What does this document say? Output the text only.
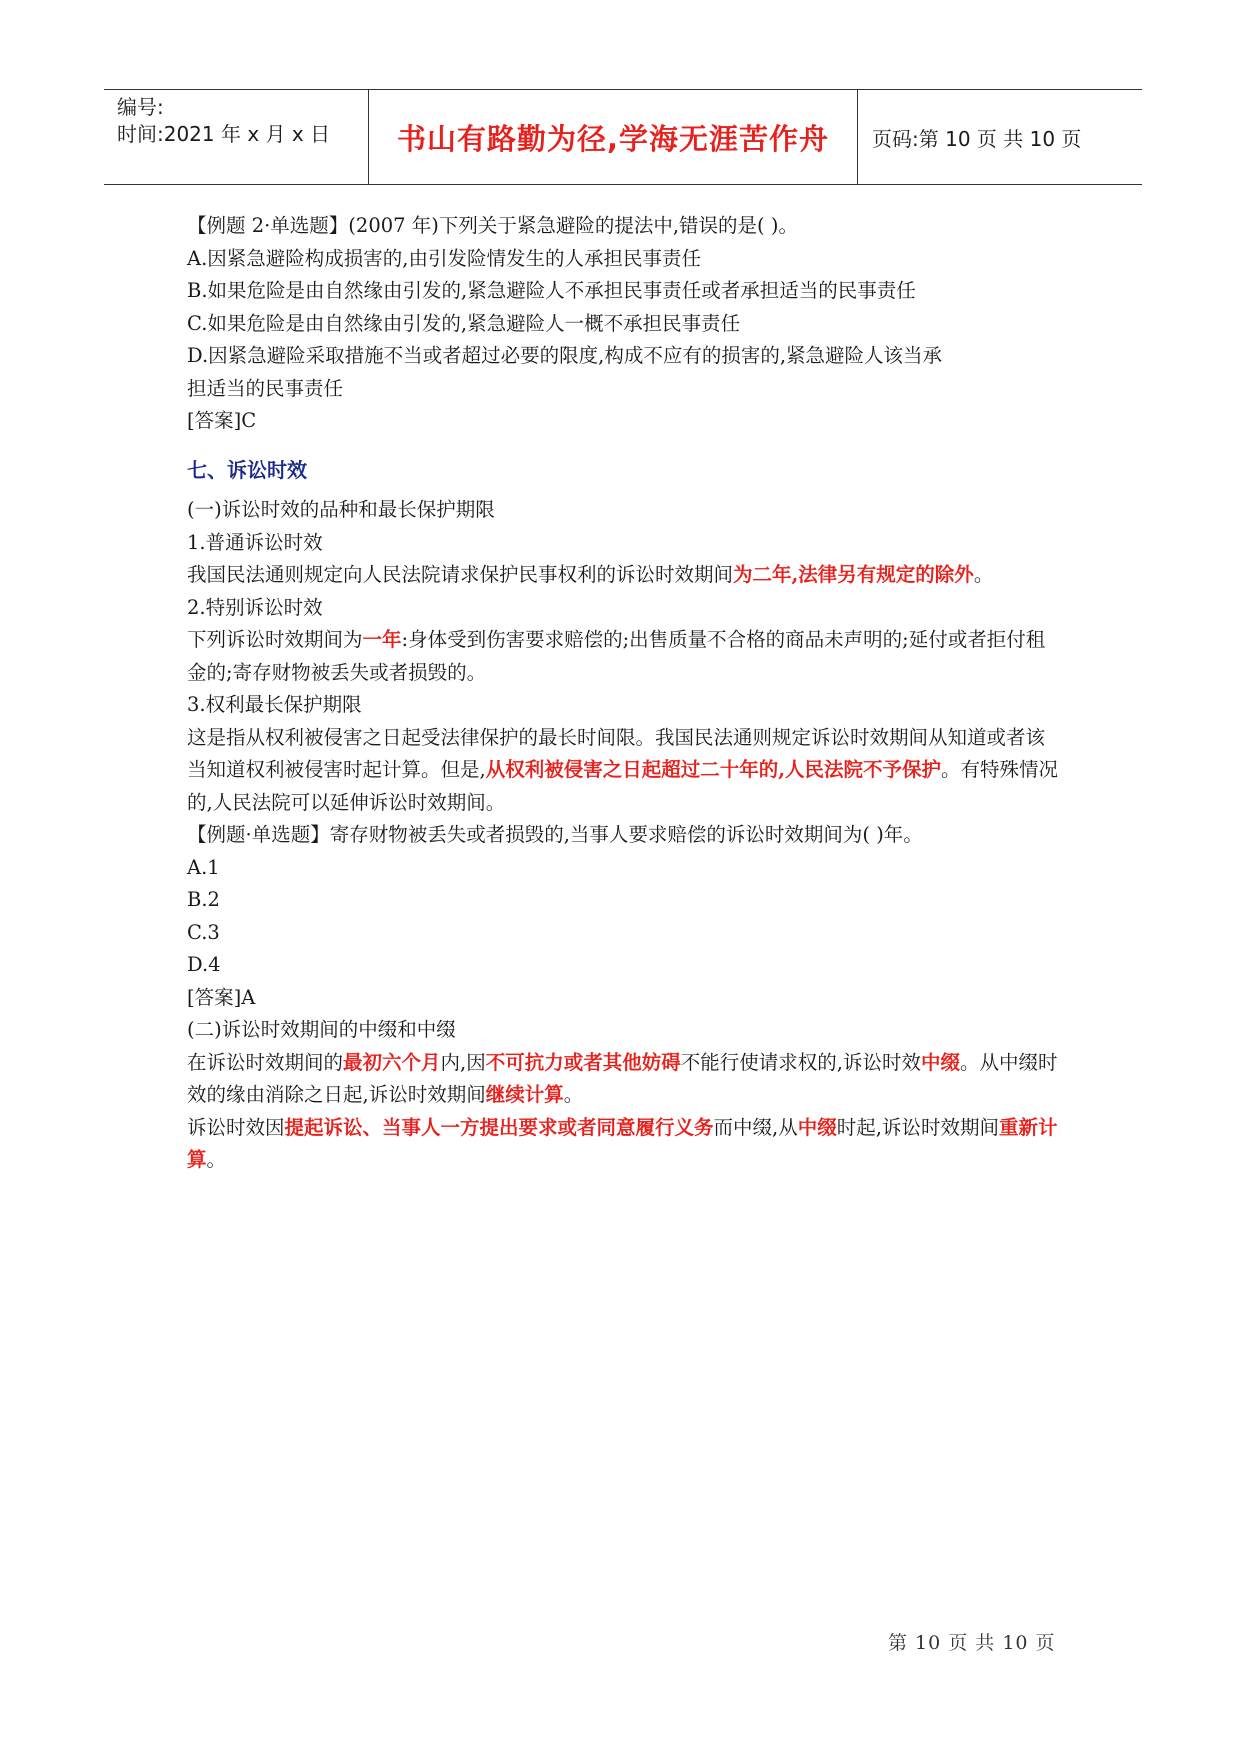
编号:
时间:2021 年 x 月 x 日	书山有路勤为径,学海无涯苦作舟 页码:第 10 页 共 10 页

【例题 2·单选题】(2007 年)下列关于紧急避险的提法中,错误的是( )。

A.因紧急避险构成损害的,由引发险情发生的人承担民事责任

B.如果危险是由自然缘由引发的,紧急避险人不承担民事责任或者承担适当的民事责任

C.如果危险是由自然缘由引发的,紧急避险人一概不承担民事责任

D.因紧急避险采取措施不当或者超过必要的限度,构成不应有的损害的,紧急避险人该当承

担适当的民事责任

[答案]C

七、诉讼时效

(一)诉讼时效的品种和最长保护期限

1.普通诉讼时效

我国民法通则规定向人民法院请求保护民事权利的诉讼时效期间为二年,法律另有规定的除外。

2.特别诉讼时效

下列诉讼时效期间为一年:身体受到伤害要求赔偿的;出售质量不合格的商品未声明的;延付或者拒付租金的;寄存财物被丢失或者损毁的。

3.权利最长保护期限

这是指从权利被侵害之日起受法律保护的最长时间限。我国民法通则规定诉讼时效期间从知道或者该当知道权利被侵害时起计算。但是,从权利被侵害之日起超过二十年的,人民法院不予保护。有特殊情况的,人民法院可以延伸诉讼时效期间。

【例题·单选题】寄存财物被丢失或者损毁的,当事人要求赔偿的诉讼时效期间为( )年。

A.1

B.2

C.3

D.4

[答案]A

(二)诉讼时效期间的中缀和中缀

在诉讼时效期间的最初六个月内,因不可抗力或者其他妨碍不能行使请求权的,诉讼时效中缀。从中缀时效的缘由消除之日起,诉讼时效期间继续计算。

诉讼时效因提起诉讼、当事人一方提出要求或者同意履行义务而中缀,从中缀时起,诉讼时效期间重新计算。

第 10 页 共 10 页
